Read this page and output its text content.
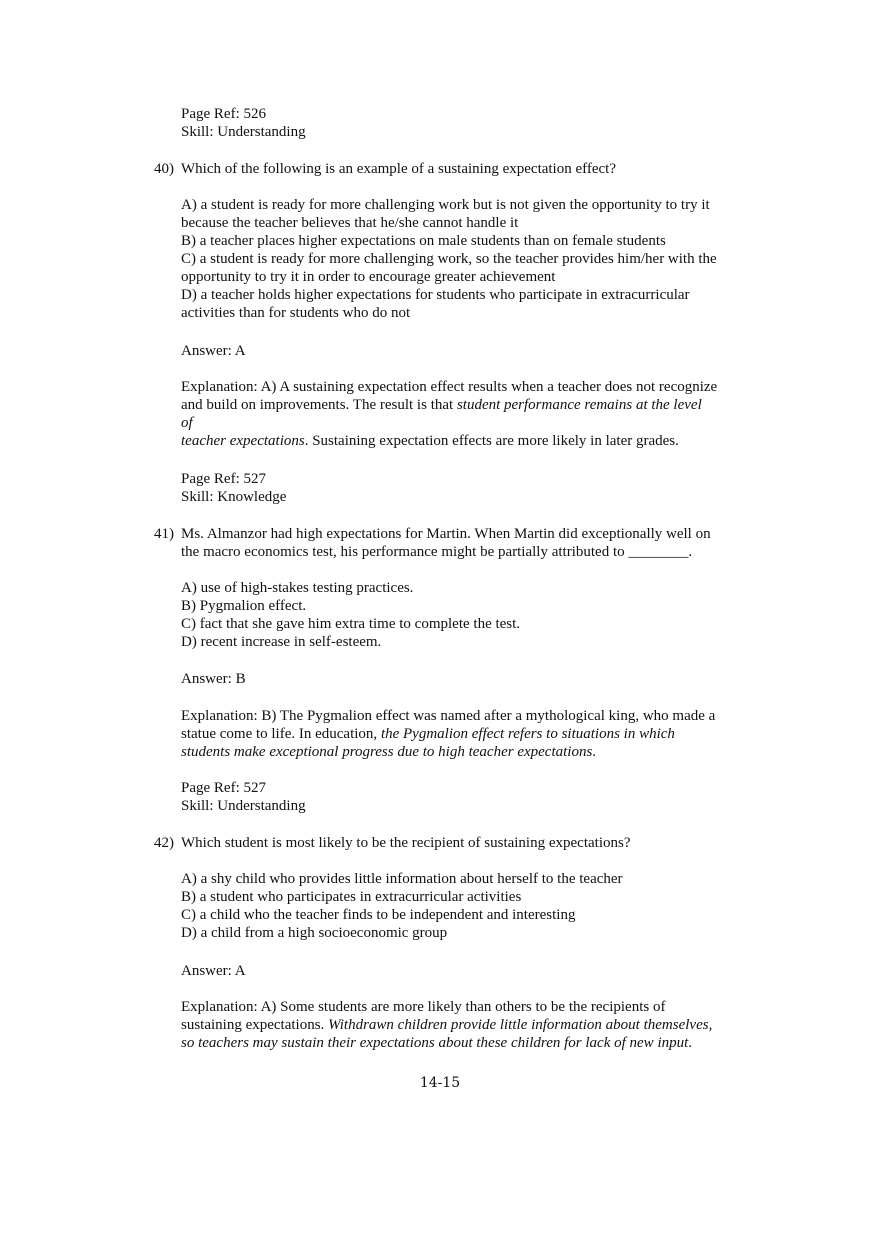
Page Ref: 526
Skill: Understanding
40) Which of the following is an example of a sustaining expectation effect?
A) a student is ready for more challenging work but is not given the opportunity to try it
because the teacher believes that he/she cannot handle it
B) a teacher places higher expectations on male students than on female students
C) a student is ready for more challenging work, so the teacher provides him/her with the
opportunity to try it in order to encourage greater achievement
D) a teacher holds higher expectations for students who participate in extracurricular
activities than for students who do not
Answer: A
Explanation: A) A sustaining expectation effect results when a teacher does not recognize
and build on improvements. The result is that student performance remains at the level
of
teacher expectations. Sustaining expectation effects are more likely in later grades.
Page Ref: 527
Skill: Knowledge
41) Ms. Almanzor had high expectations for Martin. When Martin did exceptionally well on
the macro economics test, his performance might be partially attributed to ________.
A) use of high-stakes testing practices.
B) Pygmalion effect.
C) fact that she gave him extra time to complete the test.
D) recent increase in self-esteem.
Answer: B
Explanation: B) The Pygmalion effect was named after a mythological king, who made a
statue come to life. In education, the Pygmalion effect refers to situations in which
students make exceptional progress due to high teacher expectations.
Page Ref: 527
Skill: Understanding
42) Which student is most likely to be the recipient of sustaining expectations?
A) a shy child who provides little information about herself to the teacher
B) a student who participates in extracurricular activities
C) a child who the teacher finds to be independent and interesting
D) a child from a high socioeconomic group
Answer: A
Explanation: A) Some students are more likely than others to be the recipients of
sustaining expectations. Withdrawn children provide little information about themselves,
so teachers may sustain their expectations about these children for lack of new input.
14-15
